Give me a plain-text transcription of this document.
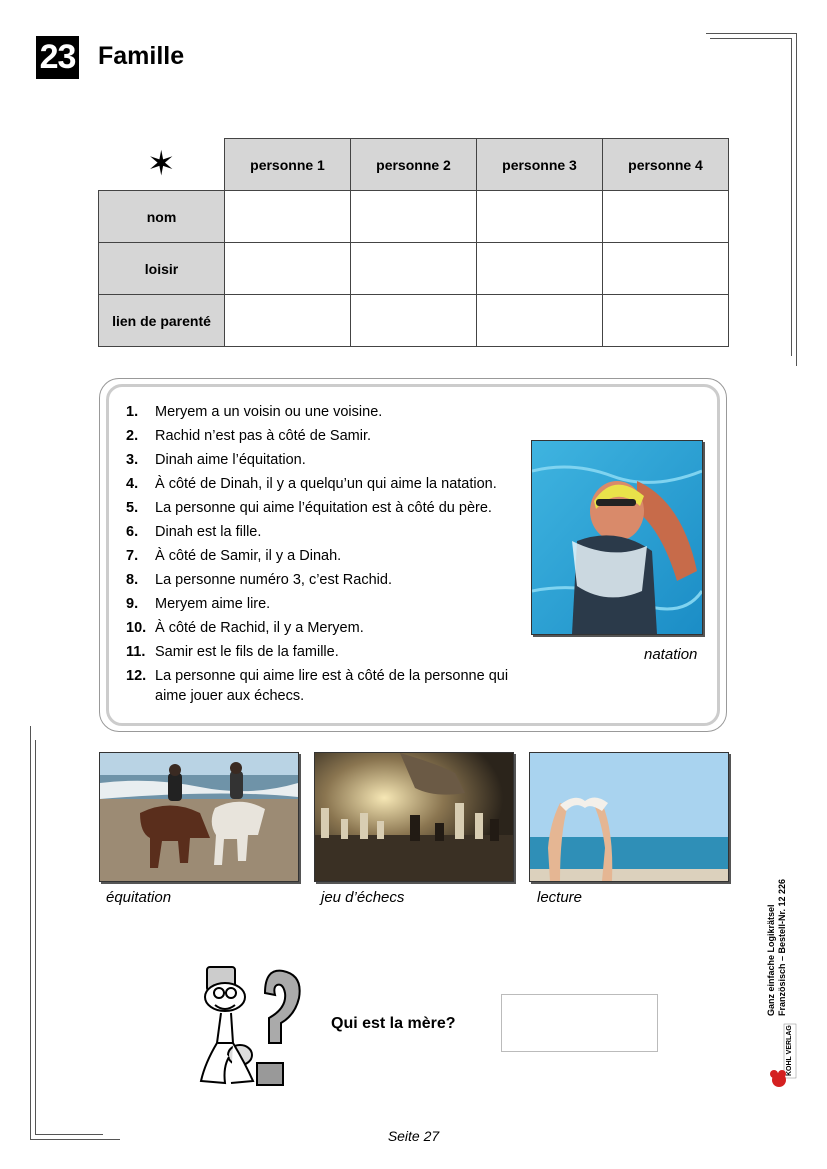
23 Famille
✶	personne 1	personne 2	personne 3	personne 4
nom				
loisir				
lien de parenté				
1.	Meryem a un voisin ou une voisine.
2.	Rachid n’est pas à côté de Samir.
3.	Dinah aime l’équitation.
4.	À côté de Dinah, il y a quelqu’un qui aime la natation.
5.	La personne qui aime l’équitation est à côté du père.
6.	Dinah est la fille.
7.	À côté de Samir, il y a Dinah.
8.	La personne numéro 3, c’est Rachid.
9.	Meryem aime lire.
10. À côté de Rachid, il y a Meryem.
11. Samir est le fils de la famille.
12. La personne qui aime lire est à côté de la personne qui aime jouer aux échecs.
natation
équitation	jeu d’échecs	lecture
Qui est la mère?
Ganz einfache Logikrätsel Französisch – Bestell-Nr. 12 226
KOHL VERLAG
Seite 27
